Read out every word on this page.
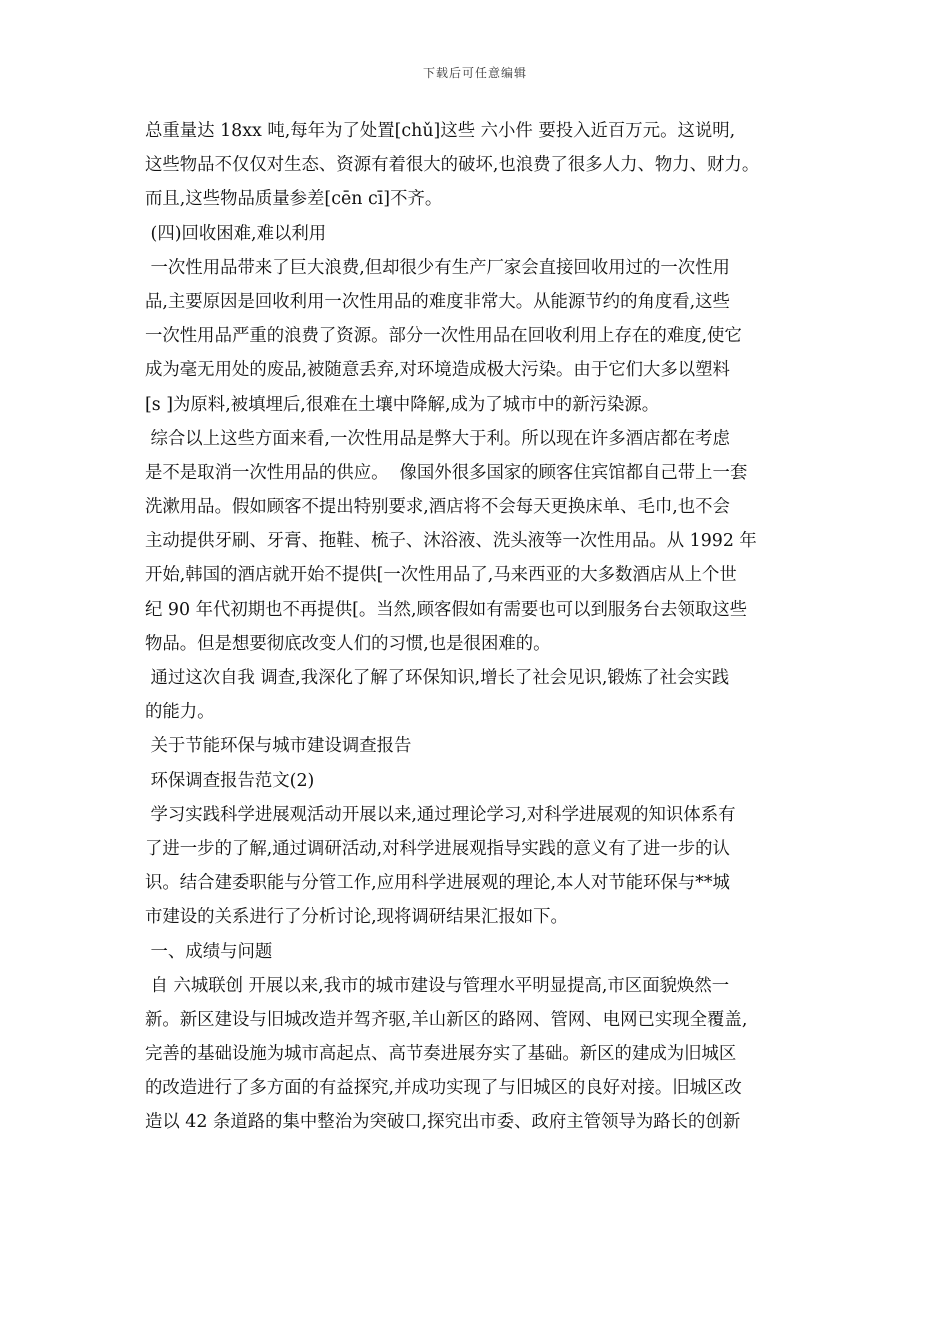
下载后可任意编辑
总重量达 18xx 吨,每年为了处置[chǔ]这些 六小件 要投入近百万元。这说明,
这些物品不仅仅对生态、资源有着很大的破坏,也浪费了很多人力、物力、财力。
而且,这些物品质量参差[cēn cī]不齐。
(四)回收困难,难以利用
一次性用品带来了巨大浪费,但却很少有生产厂家会直接回收用过的一次性用
品,主要原因是回收利用一次性用品的难度非常大。从能源节约的角度看,这些
一次性用品严重的浪费了资源。部分一次性用品在回收利用上存在的难度,使它
成为毫无用处的废品,被随意丢弃,对环境造成极大污染。由于它们大多以塑料
[s ]为原料,被填埋后,很难在土壤中降解,成为了城市中的新污染源。
综合以上这些方面来看,一次性用品是弊大于利。所以现在许多酒店都在考虑
是不是取消一次性用品的供应。  像国外很多国家的顾客住宾馆都自己带上一套
洗漱用品。假如顾客不提出特别要求,酒店将不会每天更换床单、毛巾,也不会
主动提供牙刷、牙膏、拖鞋、梳子、沐浴液、洗头液等一次性用品。从 1992 年
开始,韩国的酒店就开始不提供[一次性用品了,马来西亚的大多数酒店从上个世
纪 90 年代初期也不再提供[。当然,顾客假如有需要也可以到服务台去领取这些
物品。但是想要彻底改变人们的习惯,也是很困难的。
通过这次自我 调查,我深化了解了环保知识,增长了社会见识,锻炼了社会实践
的能力。
关于节能环保与城市建设调查报告
环保调查报告范文(2)
学习实践科学进展观活动开展以来,通过理论学习,对科学进展观的知识体系有
了进一步的了解,通过调研活动,对科学进展观指导实践的意义有了进一步的认
识。结合建委职能与分管工作,应用科学进展观的理论,本人对节能环保与**城
市建设的关系进行了分析讨论,现将调研结果汇报如下。
一、成绩与问题
自 六城联创 开展以来,我市的城市建设与管理水平明显提高,市区面貌焕然一
新。新区建设与旧城改造并驾齐驱,羊山新区的路网、管网、电网已实现全覆盖,
完善的基础设施为城市高起点、高节奏进展夯实了基础。新区的建成为旧城区
的改造进行了多方面的有益探究,并成功实现了与旧城区的良好对接。旧城区改
造以 42 条道路的集中整治为突破口,探究出市委、政府主管领导为路长的创新
